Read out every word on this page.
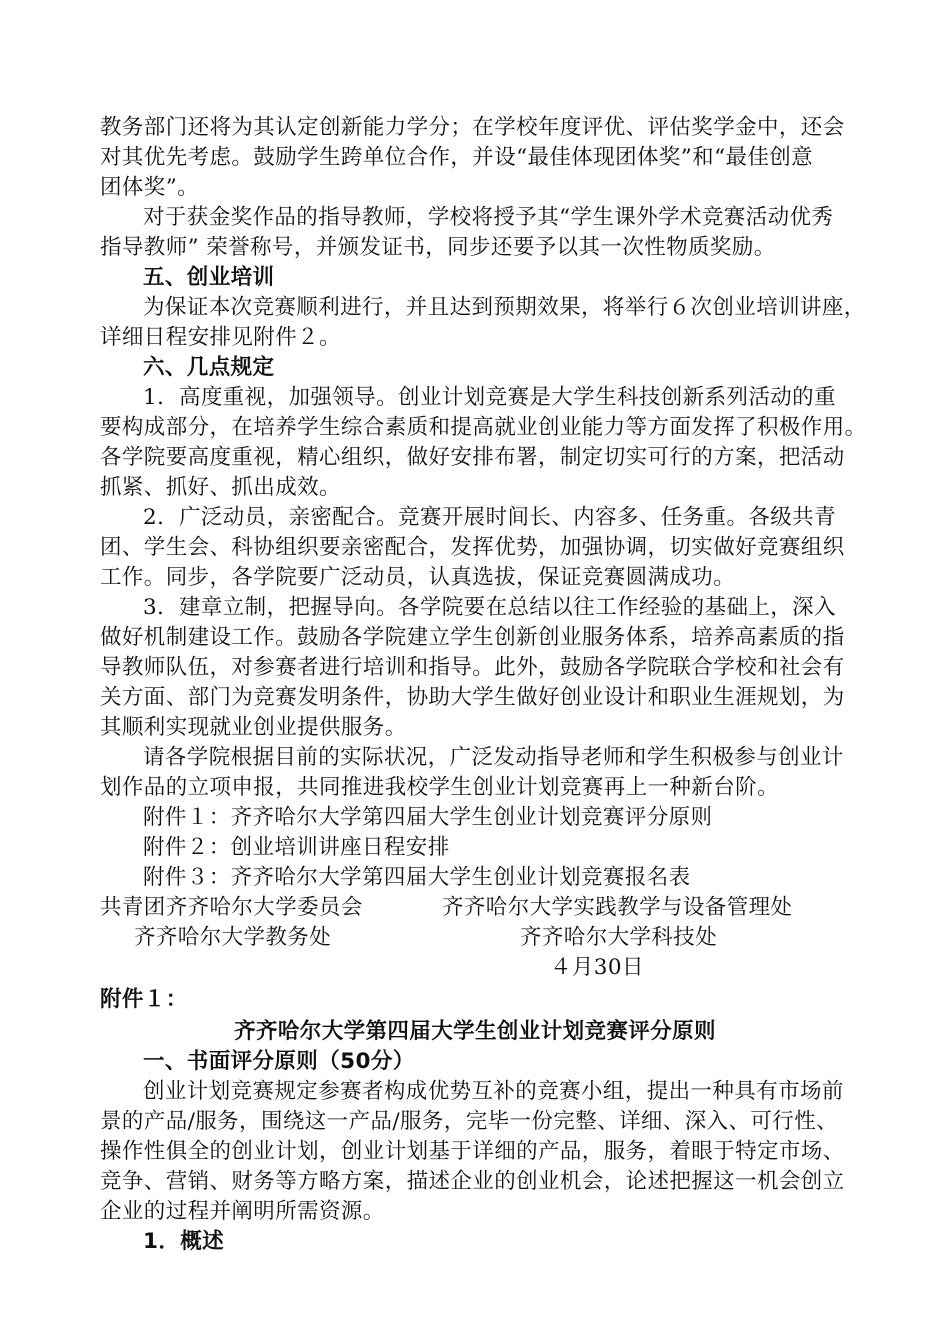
教务部门还将为其认定创新能力学分；在学校年度评优、评估奖学金中，还会
对其优先考虑。鼓励学生跨单位合作，并设“最佳体现团体奖”和“最佳创意
团体奖”。
对于获金奖作品的指导教师，学校将授予其“学生课外学术竞赛活动优秀
指导教师” 荣誉称号，并颁发证书，同步还要予以其一次性物质奖励。
五、创业培训
为保证本次竞赛顺利进行，并且达到预期效果，将举行６次创业培训讲座，
详细日程安排见附件２。
六、几点规定
1．高度重视，加强领导。创业计划竞赛是大学生科技创新系列活动的重
要构成部分，在培养学生综合素质和提高就业创业能力等方面发挥了积极作用。
各学院要高度重视，精心组织，做好安排布署，制定切实可行的方案，把活动
抓紧、抓好、抓出成效。
2．广泛动员，亲密配合。竞赛开展时间长、内容多、任务重。各级共青
团、学生会、科协组织要亲密配合，发挥优势，加强协调，切实做好竞赛组织
工作。同步，各学院要广泛动员，认真选拔，保证竞赛圆满成功。
3．建章立制，把握导向。各学院要在总结以往工作经验的基础上，深入
做好机制建设工作。鼓励各学院建立学生创新创业服务体系，培养高素质的指
导教师队伍，对参赛者进行培训和指导。此外，鼓励各学院联合学校和社会有
关方面、部门为竞赛发明条件，协助大学生做好创业设计和职业生涯规划，为
其顺利实现就业创业提供服务。
请各学院根据目前的实际状况，广泛发动指导老师和学生积极参与创业计
划作品的立项申报，共同推进我校学生创业计划竞赛再上一种新台阶。
附件１：齐齐哈尔大学第四届大学生创业计划竞赛评分原则
附件２：创业培训讲座日程安排
附件３：齐齐哈尔大学第四届大学生创业计划竞赛报名表
共青团齐齐哈尔大学委员会	齐齐哈尔大学实践教学与设备管理处
齐齐哈尔大学教务处	齐齐哈尔大学科技处
４月30日
附件１：
齐齐哈尔大学第四届大学生创业计划竞赛评分原则
一、书面评分原则（50分）
创业计划竞赛规定参赛者构成优势互补的竞赛小组，提出一种具有市场前
景的产品/服务，围绕这一产品/服务，完毕一份完整、详细、深入、可行性、
操作性俱全的创业计划，创业计划基于详细的产品，服务，着眼于特定市场、
竞争、营销、财务等方略方案，描述企业的创业机会，论述把握这一机会创立
企业的过程并阐明所需资源。
1．概述
